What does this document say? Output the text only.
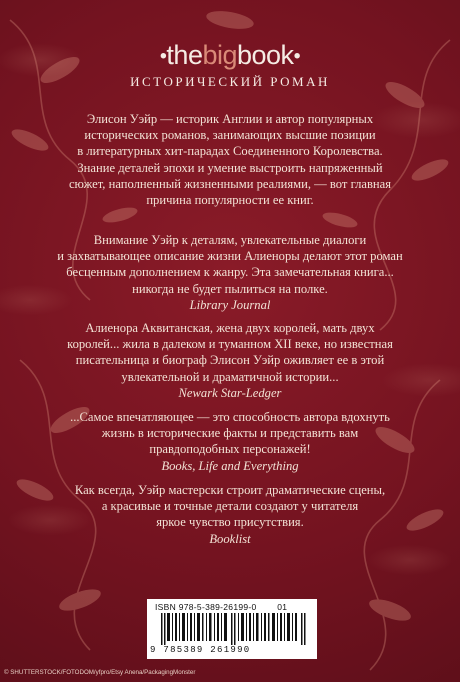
•thebigbook•
ИСТОРИЧЕСКИЙ РОМАН
Элисон Уэйр — историк Англии и автор популярных
исторических романов, занимающих высшие позиции
в литературных хит-парадах Соединенного Королевства.
Знание деталей эпохи и умение выстроить напряженный
сюжет, наполненный жизненными реалиями, — вот главная
причина популярности ее книг.
Внимание Уэйр к деталям, увлекательные диалоги
и захватывающее описание жизни Алиеноры делают этот роман
бесценным дополнением к жанру. Эта замечательная книга...
никогда не будет пылиться на полке.
Library Journal
Алиенора Аквитанская, жена двух королей, мать двух
королей... жила в далеком и туманном XII веке, но известная
писательница и биограф Элисон Уэйр оживляет ее в этой
увлекательной и драматичной истории...
Newark Star-Ledger
...Самое впечатляющее — это способность автора вдохнуть
жизнь в исторические факты и представить вам
правдоподобных персонажей!
Books, Life and Everything
Как всегда, Уэйр мастерски строит драматические сцены,
а красивые и точные детали создают у читателя
яркое чувство присутствия.
Booklist
ISBN 978-5-389-26199-0 01
9 785389 261990
© SHUTTERSTOCK/FOTODOM/yfpro/Etsy Anena/PackagingMonster
